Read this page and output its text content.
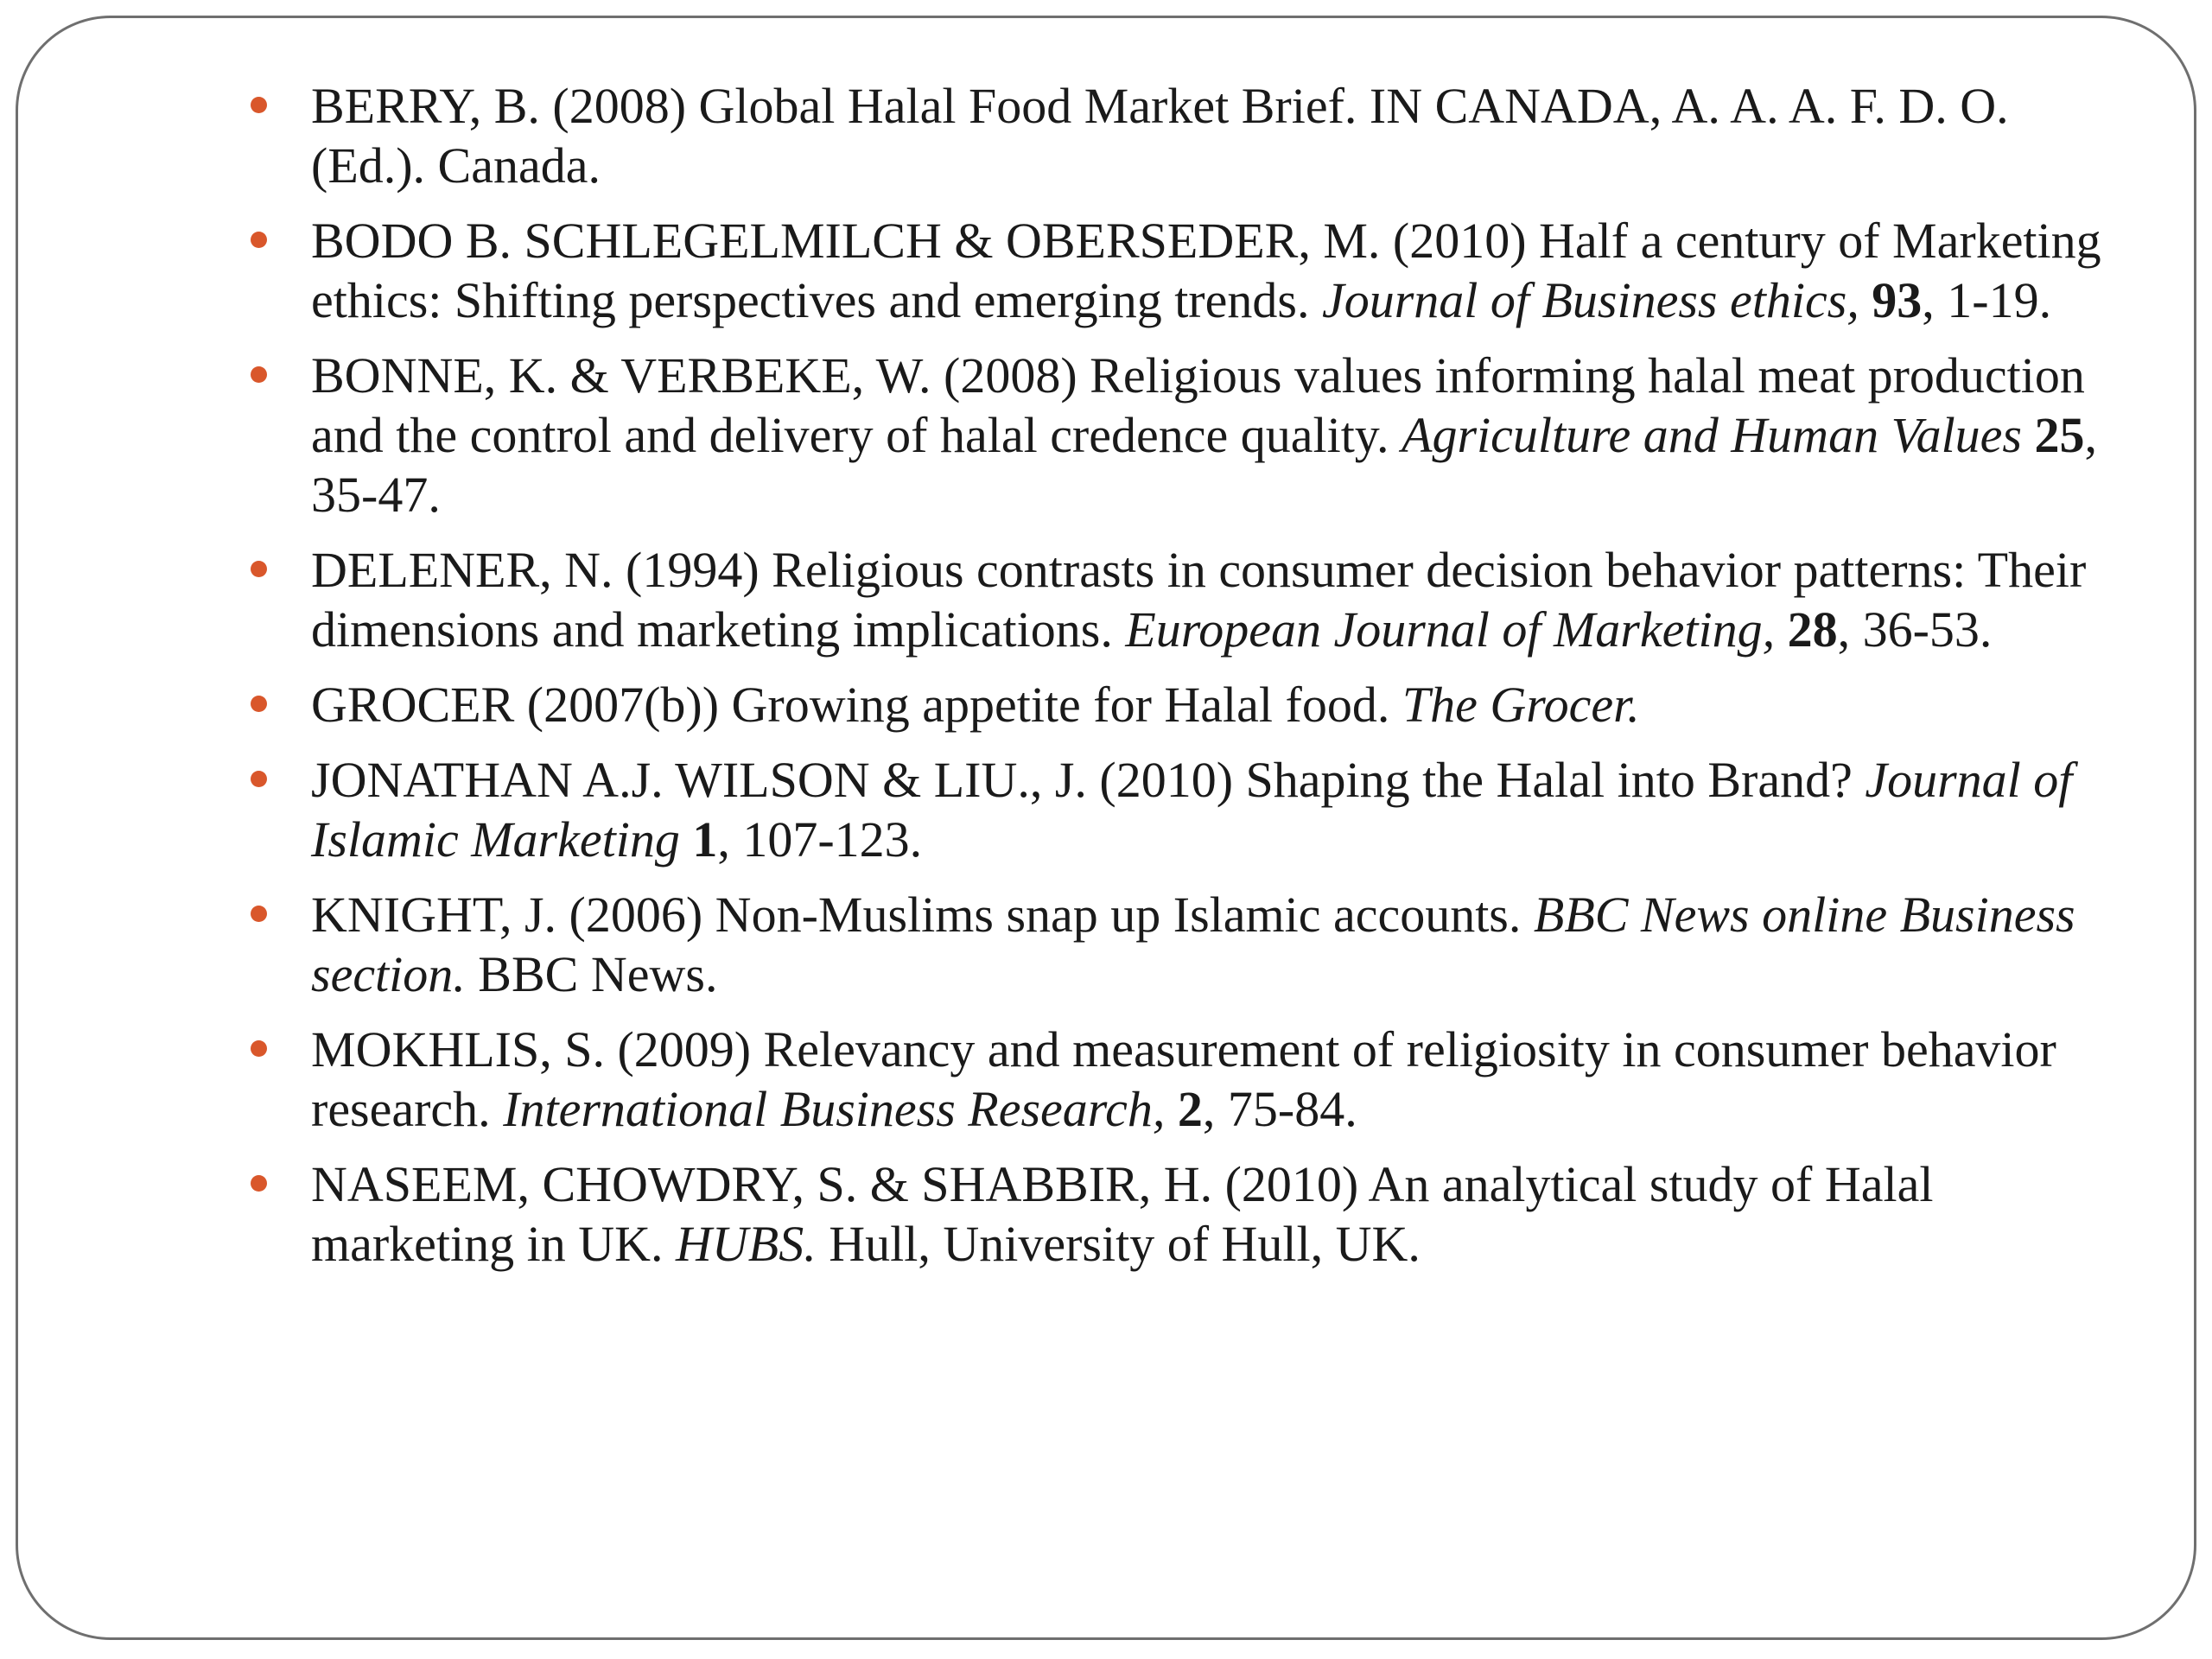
BERRY, B. (2008) Global Halal Food Market Brief. IN CANADA, A. A. A. F. D. O. (Ed.). Canada.
BODO B. SCHLEGELMILCH & OBERSEDER, M. (2010) Half a century of Marketing ethics: Shifting perspectives and emerging trends. Journal of Business ethics, 93, 1-19.
BONNE, K. & VERBEKE, W. (2008) Religious values informing halal meat production and the control and delivery of halal credence quality. Agriculture and Human Values 25, 35-47.
DELENER, N. (1994) Religious contrasts in consumer decision behavior patterns: Their dimensions and marketing implications. European Journal of Marketing, 28, 36-53.
GROCER (2007(b)) Growing appetite for Halal food. The Grocer.
JONATHAN A.J. WILSON & LIU., J. (2010) Shaping the Halal into Brand? Journal of Islamic Marketing 1, 107-123.
KNIGHT, J. (2006) Non-Muslims snap up Islamic accounts. BBC News online Business section. BBC News.
MOKHLIS, S. (2009) Relevancy and measurement of religiosity in consumer behavior research. International Business Research, 2, 75-84.
NASEEM, CHOWDRY, S. & SHABBIR, H. (2010) An analytical study of Halal marketing in UK. HUBS. Hull, University of Hull, UK.
